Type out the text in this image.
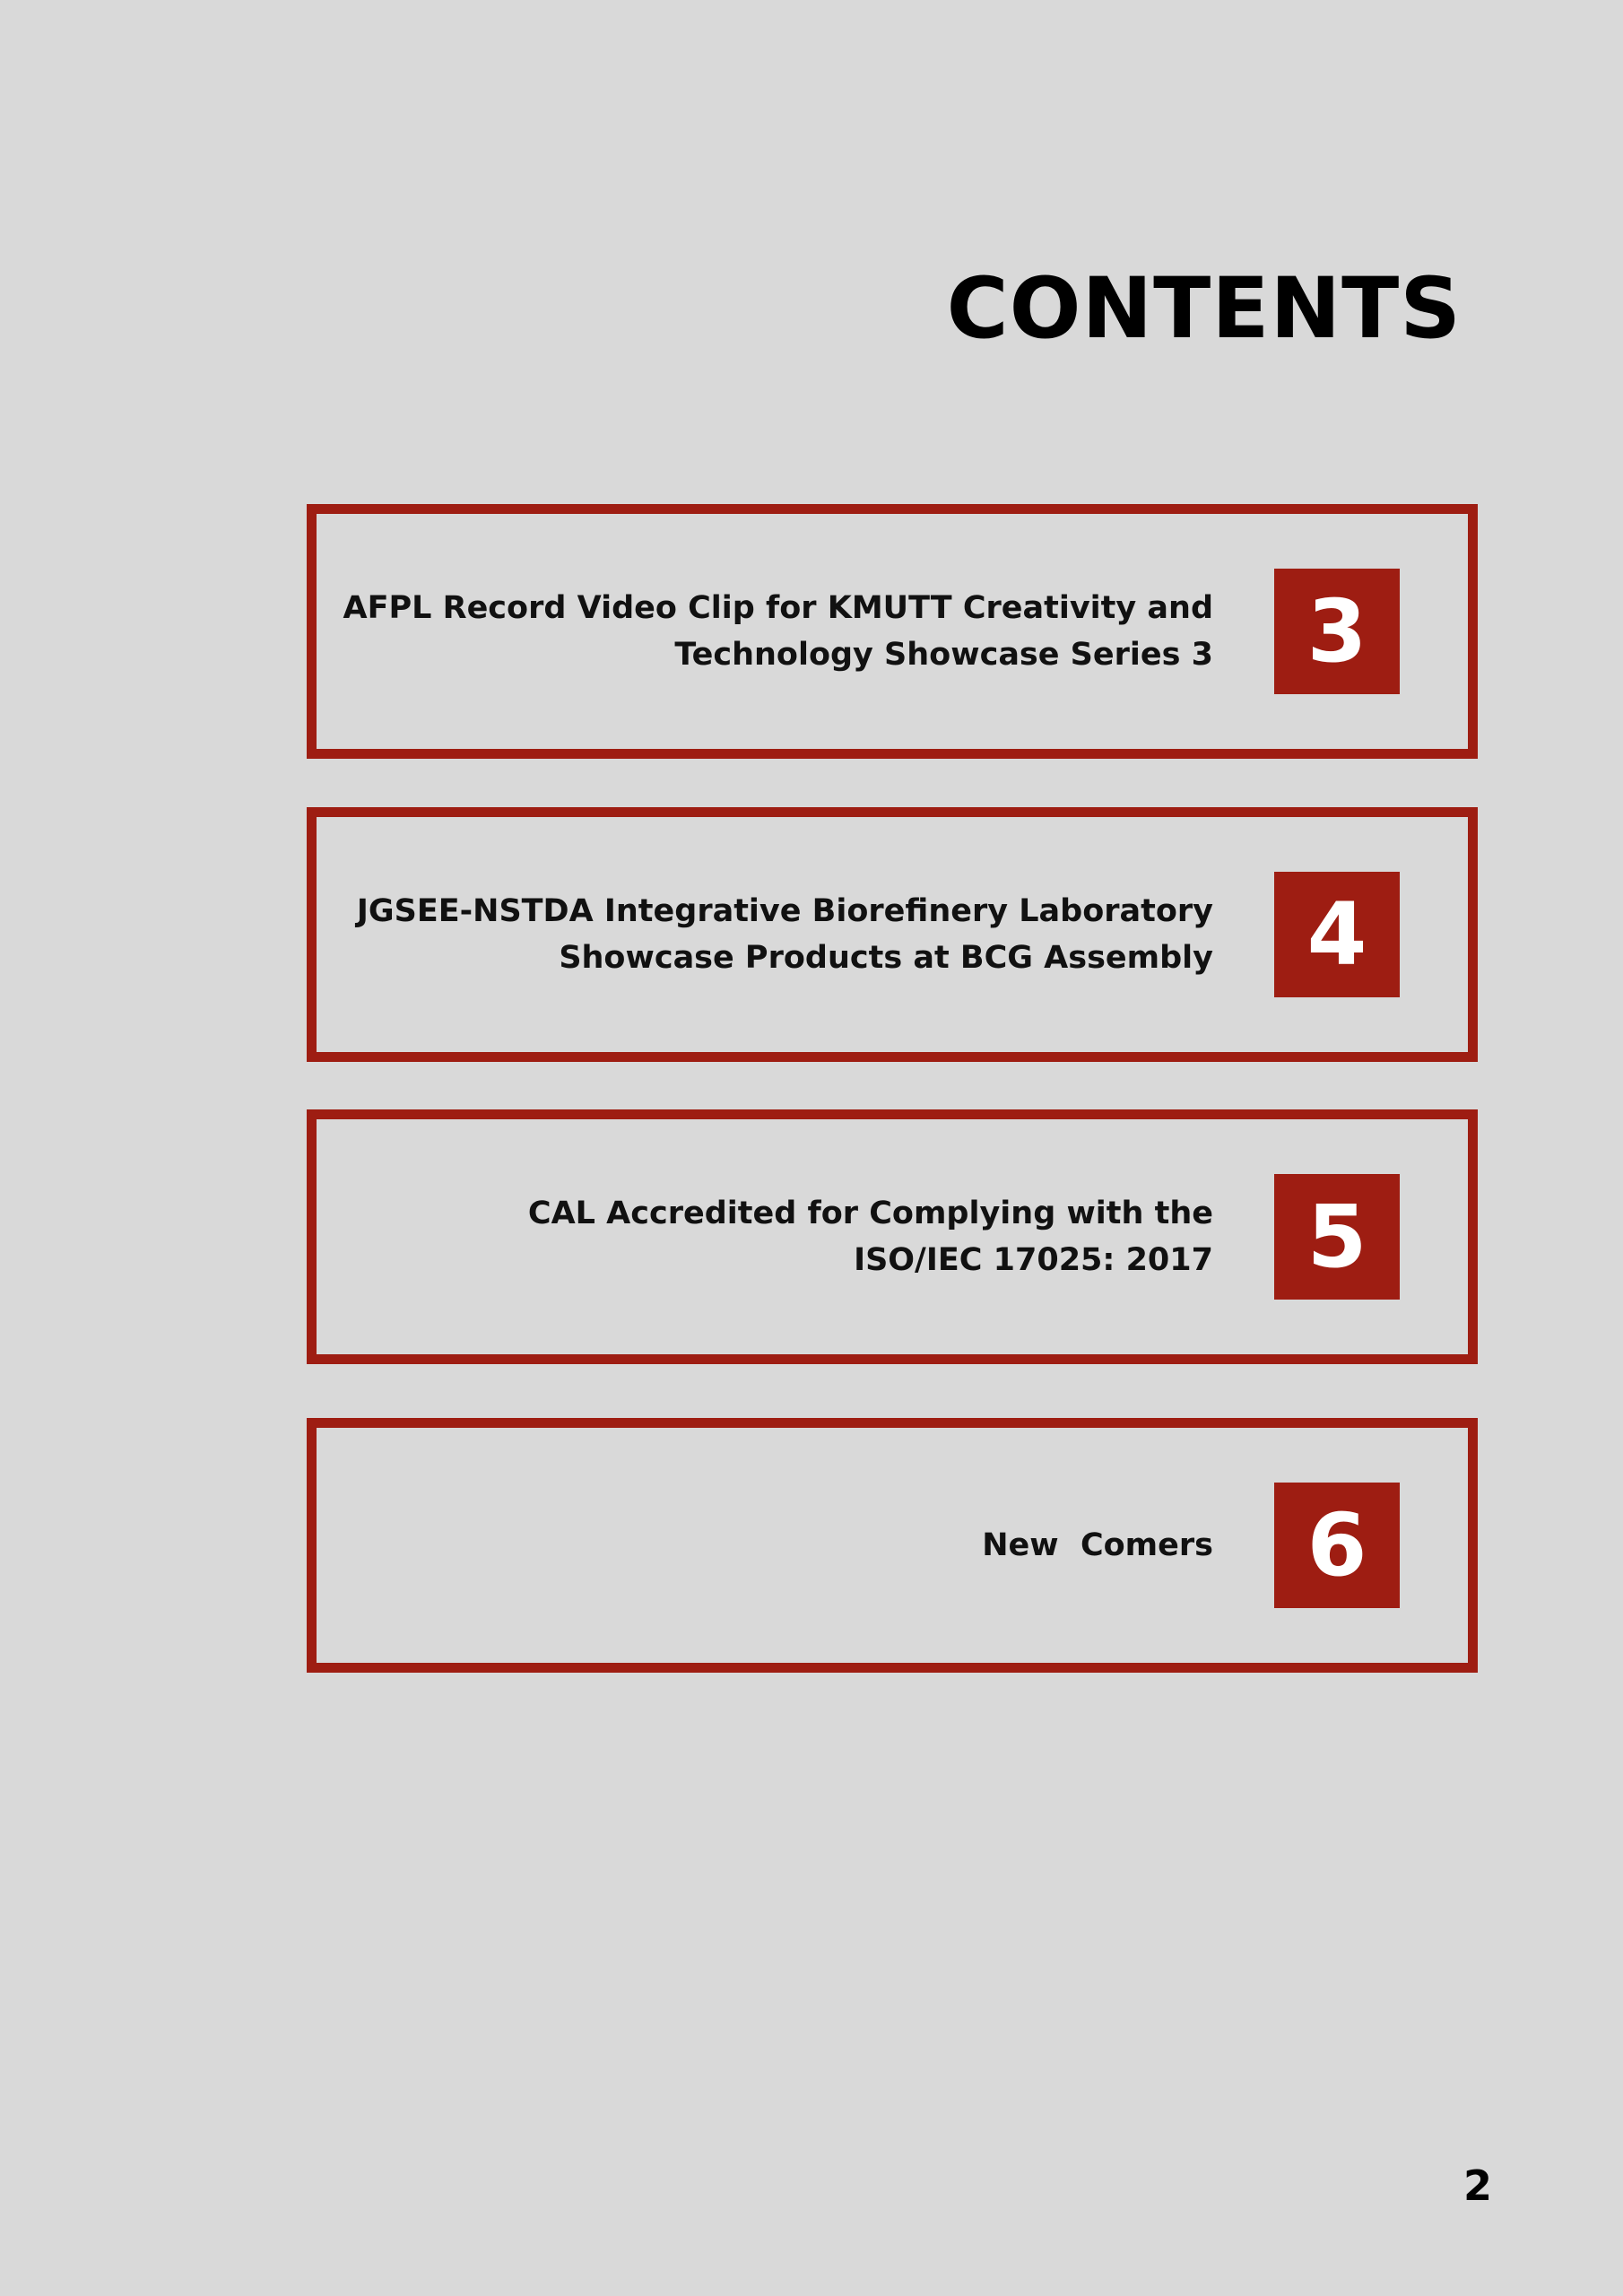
CONTENTS
AFPL Record Video Clip for KMUTT Creativity and
Technology Showcase Series 3	3
JGSEE-NSTDA Integrative Biorefinery Laboratory
Showcase Products at BCG Assembly	4
CAL Accredited for Complying with the
ISO/IEC 17025: 2017	5
New  Comers	6
2
